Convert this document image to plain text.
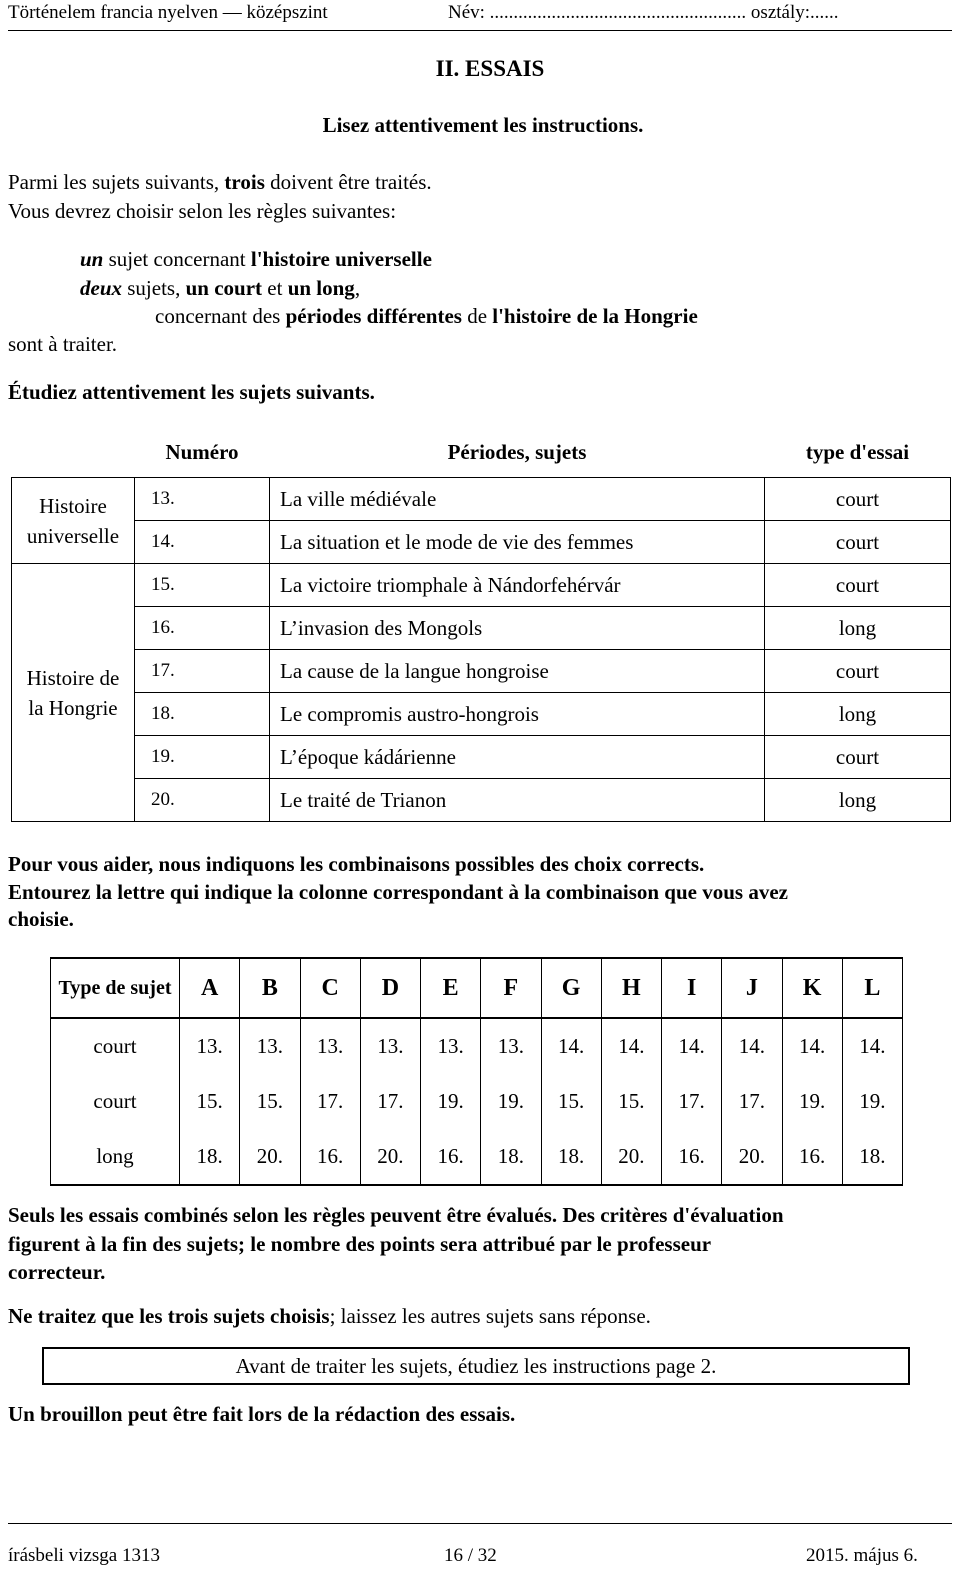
Történelem francia nyelven — középszint	Név: ...................................................... osztály:......
II. ESSAIS
Lisez attentivement les instructions.
Parmi les sujets suivants, trois doivent être traités.
Vous devrez choisir selon les règles suivantes:
un sujet concernant l'histoire universelle
deux sujets, un court et un long,
concernant des périodes différentes de l'histoire de la Hongrie
sont à traiter.
Étudiez attentivement les sujets suivants.
	Numéro	Périodes, sujets	type d'essai
Histoire universelle	13.	La ville médiévale	court
	14.	La situation et le mode de vie des femmes	court
Histoire de la Hongrie	15.	La victoire triomphale à Nándorfehérvár	court
	16.	L’invasion des Mongols	long
	17.	La cause de la langue hongroise	court
	18.	Le compromis austro-hongrois	long
	19.	L’époque kádárienne	court
	20.	Le traité de Trianon	long
Pour vous aider, nous indiquons les combinaisons possibles des choix corrects.
Entourez la lettre qui indique la colonne correspondant à la combinaison que vous avez
choisie.
Type de sujet	A	B	C	D	E	F	G	H	I	J	K	L
court	13.	13.	13.	13.	13.	13.	14.	14.	14.	14.	14.	14.
court	15.	15.	17.	17.	19.	19.	15.	15.	17.	17.	19.	19.
long	18.	20.	16.	20.	16.	18.	18.	20.	16.	20.	16.	18.
Seuls les essais combinés selon les règles peuvent être évalués. Des critères d'évaluation
figurent à la fin des sujets; le nombre des points sera attribué par le professeur
correcteur.
Ne traitez que les trois sujets choisis; laissez les autres sujets sans réponse.
Avant de traiter les sujets, étudiez les instructions page 2.
Un brouillon peut être fait lors de la rédaction des essais.
írásbeli vizsga 1313	16 / 32	2015. május 6.
